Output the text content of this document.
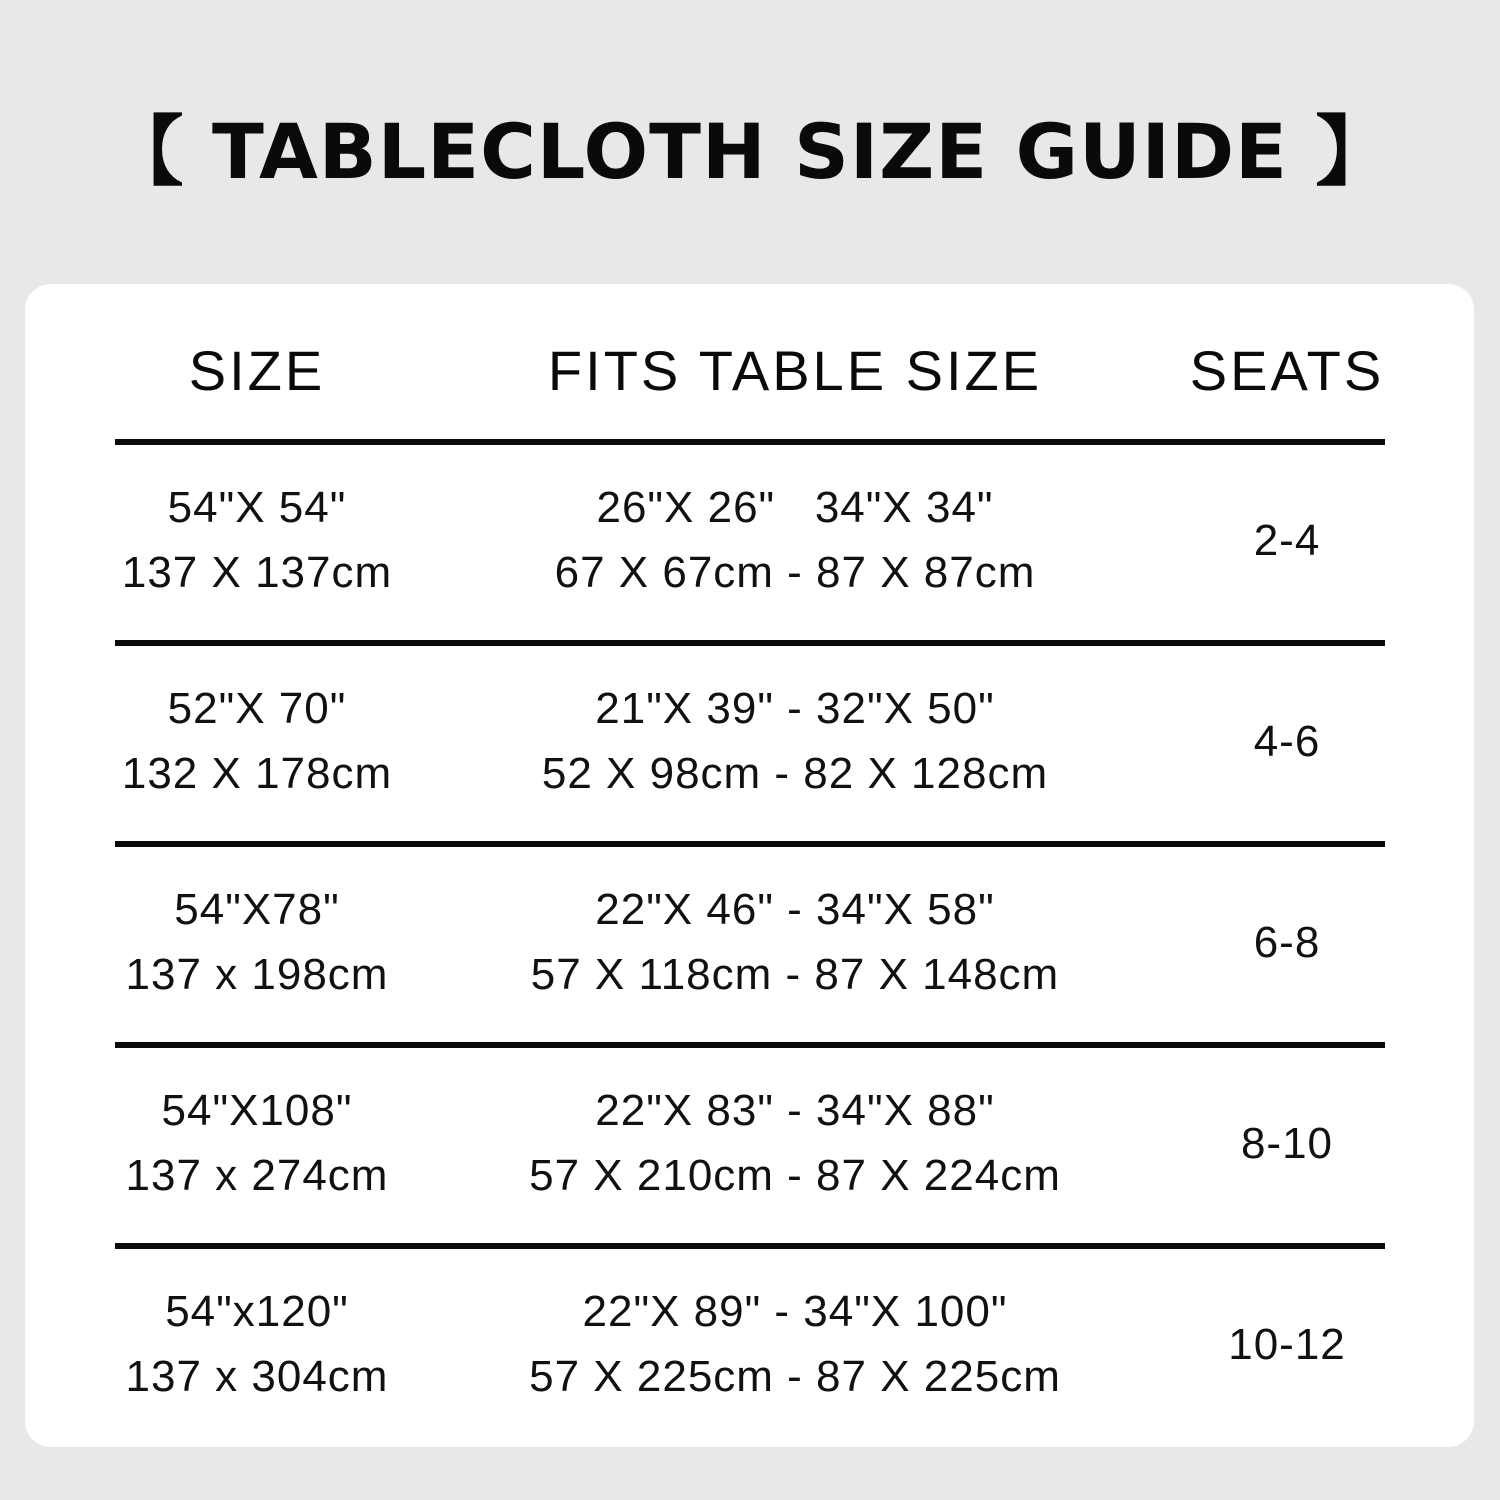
【 TABLECLOTH SIZE GUIDE 】
SIZE	FITS TABLE SIZE	SEATS
54"X 54"
137 X 137cm
26"X 26"   34"X 34"
67 X 67cm - 87 X 87cm
2-4
52"X 70"
132 X 178cm
21"X 39" - 32"X 50"
52 X 98cm - 82 X 128cm
4-6
54"X78"
137 x 198cm
22"X 46" - 34"X 58"
57 X 118cm - 87 X 148cm
6-8
54"X108"
137 x 274cm
22"X 83" - 34"X 88"
57 X 210cm - 87 X 224cm
8-10
54"x120"
137 x 304cm
22"X 89" - 34"X 100"
57 X 225cm - 87 X 225cm
10-12
